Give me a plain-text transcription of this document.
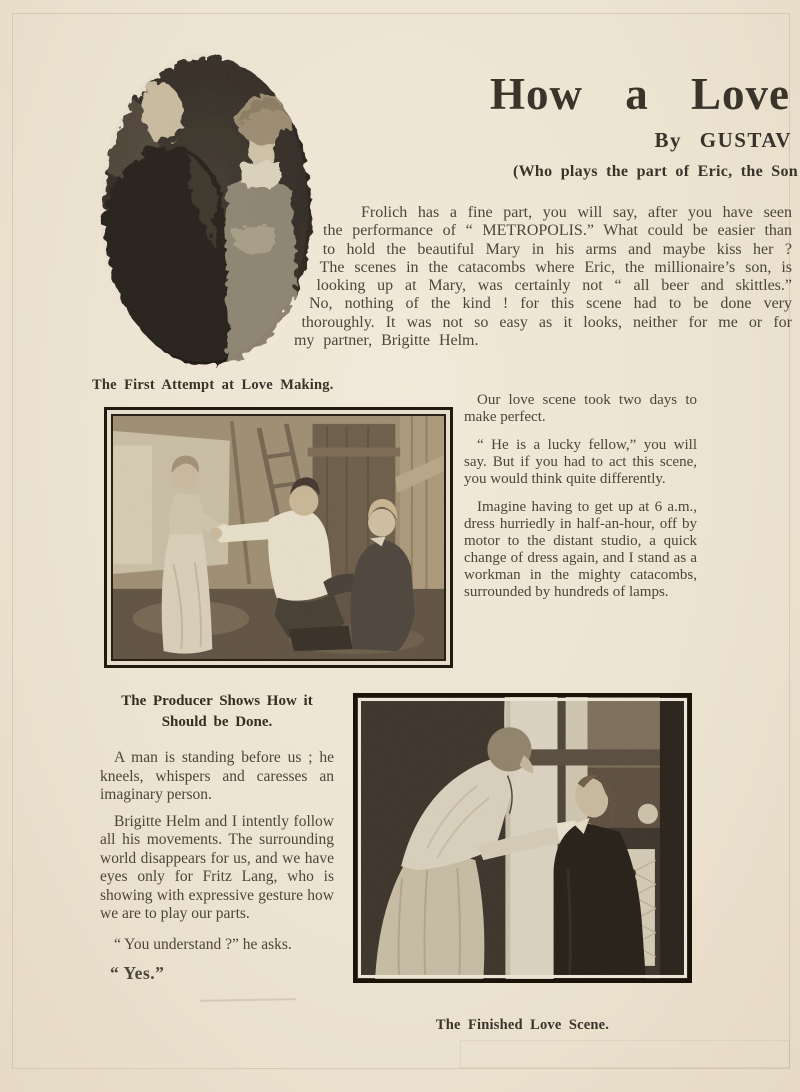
How a Love
By GUSTAV
(Who plays the part of Eric, the Son

Frolich has a fine part, you will say, after you have seen the performance of “ METROPOLIS.” What could be easier than to hold the beautiful Mary in his arms and maybe kiss her ? The scenes in the catacombs where Eric, the millionaire’s son, is looking up at Mary, was certainly not “ all beer and skittles.” No, nothing of the kind ! for this scene had to be done very thoroughly. It was not so easy as it looks, neither for me or for my partner, Brigitte Helm.

The First Attempt at Love Making.

Our love scene took two days to make perfect.

“ He is a lucky fellow,” you will say. But if you had to act this scene, you would think quite differently.

Imagine having to get up at 6 a.m., dress hurriedly in half-an-hour, off by motor to the distant studio, a quick change of dress again, and I stand as a workman in the mighty catacombs, surrounded by hundreds of lamps.

The Producer Shows How it
Should be Done.

A man is standing before us ; he kneels, whispers and caresses an imaginary person.

Brigitte Helm and I intently follow all his movements. The surrounding world disappears for us, and we have eyes only for Fritz Lang, who is showing with expressive gesture how we are to play our parts.

“ You understand ?” he asks.

“ Yes.”

The Finished Love Scene.
